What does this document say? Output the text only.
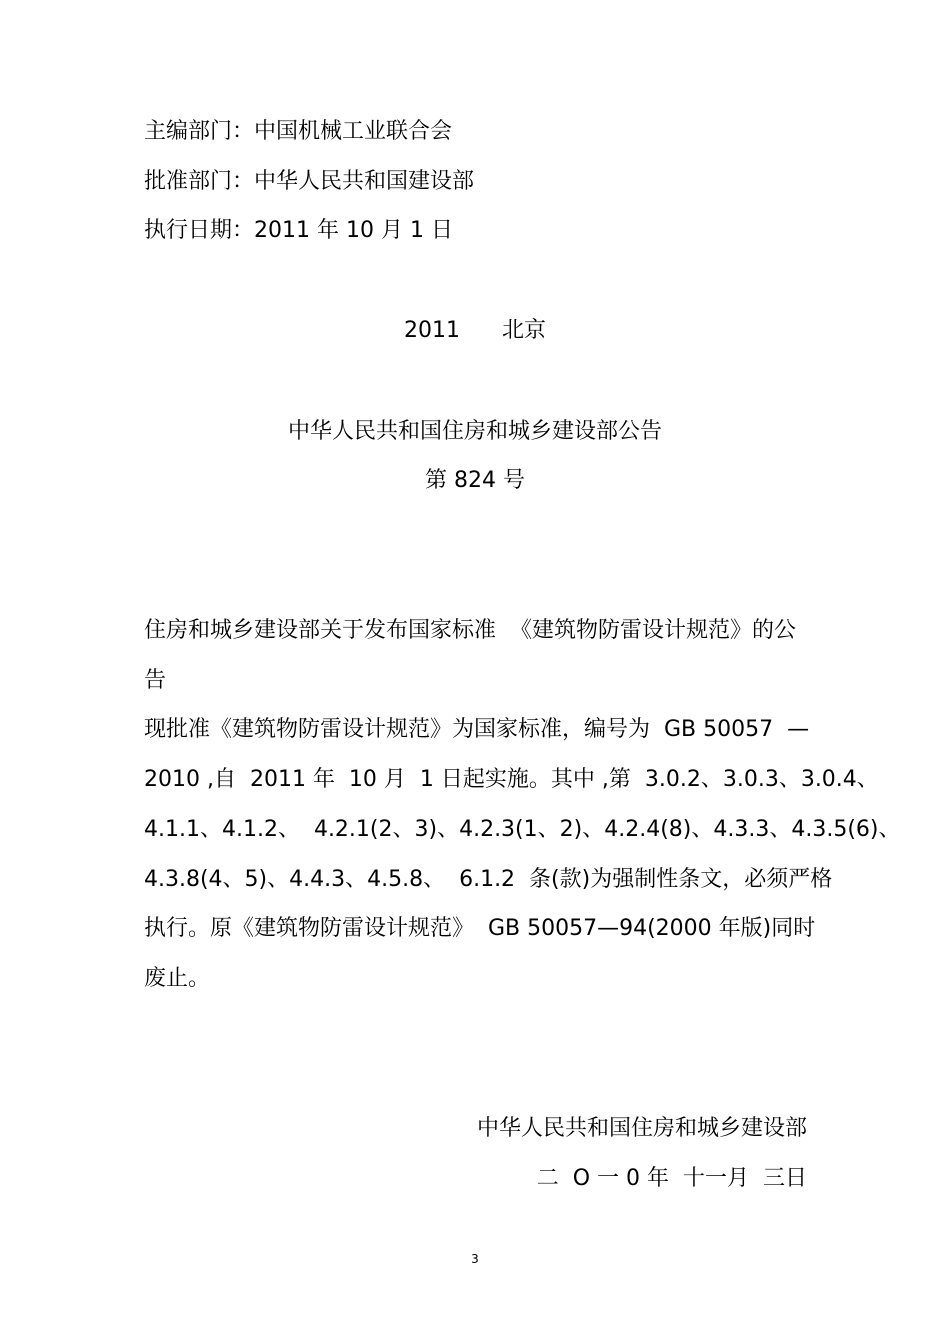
主编部门：中国机械工业联合会
批准部门：中华人民共和国建设部
执行日期：2011 年 10 月 1 日
2011      北京
中华人民共和国住房和城乡建设部公告
第 824 号
住房和城乡建设部关于发布国家标准  《建筑物防雷设计规范》的公
告
现批准《建筑物防雷设计规范》为国家标准，编号为  GB 50057  —
2010 ,自  2011 年  10 月  1 日起实施。其中 ,第  3.0.2、3.0.3、3.0.4、
4.1.1、4.1.2、  4.2.1(2、3)、4.2.3(1、2)、4.2.4(8)、4.3.3、4.3.5(6)、
4.3.8(4、5)、4.4.3、4.5.8、  6.1.2  条(款)为强制性条文，必须严格
执行。原《建筑物防雷设计规范》  GB 50057—94(2000 年版)同时
废止。
中华人民共和国住房和城乡建设部
二  O 一 0 年  十一月  三日
3
